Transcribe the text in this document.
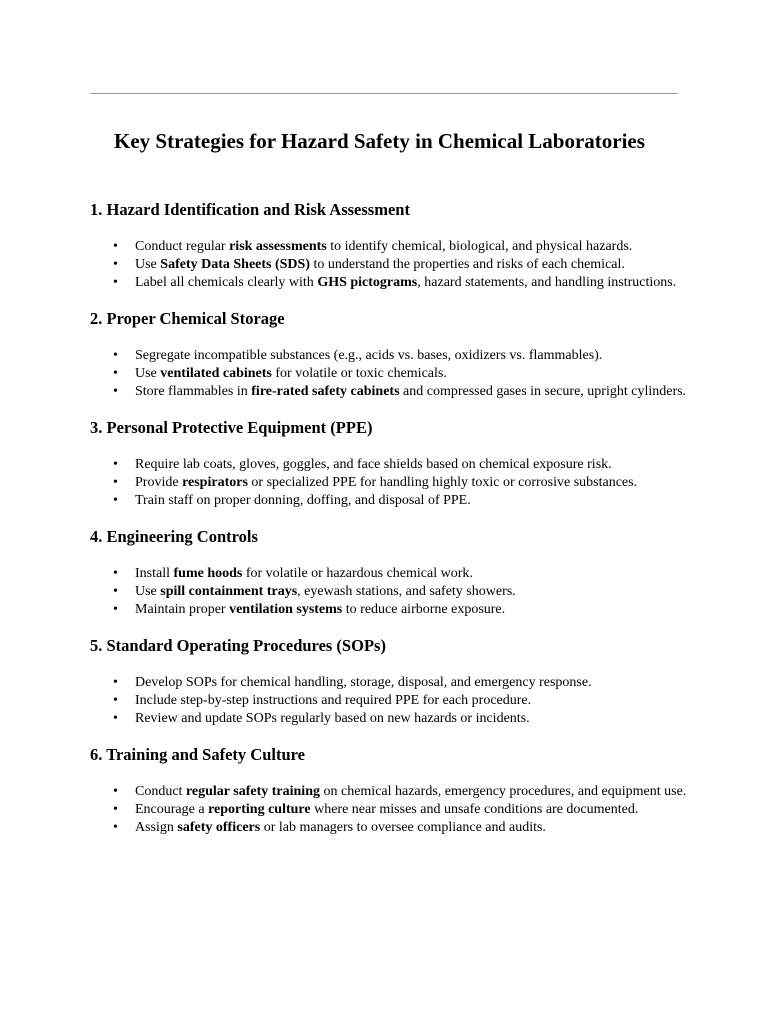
Key Strategies for Hazard Safety in Chemical Laboratories
1. Hazard Identification and Risk Assessment
• Conduct regular risk assessments to identify chemical, biological, and physical hazards.
• Use Safety Data Sheets (SDS) to understand the properties and risks of each chemical.
• Label all chemicals clearly with GHS pictograms, hazard statements, and handling instructions.
2. Proper Chemical Storage
• Segregate incompatible substances (e.g., acids vs. bases, oxidizers vs. flammables).
• Use ventilated cabinets for volatile or toxic chemicals.
• Store flammables in fire-rated safety cabinets and compressed gases in secure, upright cylinders.
3. Personal Protective Equipment (PPE)
• Require lab coats, gloves, goggles, and face shields based on chemical exposure risk.
• Provide respirators or specialized PPE for handling highly toxic or corrosive substances.
• Train staff on proper donning, doffing, and disposal of PPE.
4. Engineering Controls
• Install fume hoods for volatile or hazardous chemical work.
• Use spill containment trays, eyewash stations, and safety showers.
• Maintain proper ventilation systems to reduce airborne exposure.
5. Standard Operating Procedures (SOPs)
• Develop SOPs for chemical handling, storage, disposal, and emergency response.
• Include step-by-step instructions and required PPE for each procedure.
• Review and update SOPs regularly based on new hazards or incidents.
6. Training and Safety Culture
• Conduct regular safety training on chemical hazards, emergency procedures, and equipment use.
• Encourage a reporting culture where near misses and unsafe conditions are documented.
• Assign safety officers or lab managers to oversee compliance and audits.
